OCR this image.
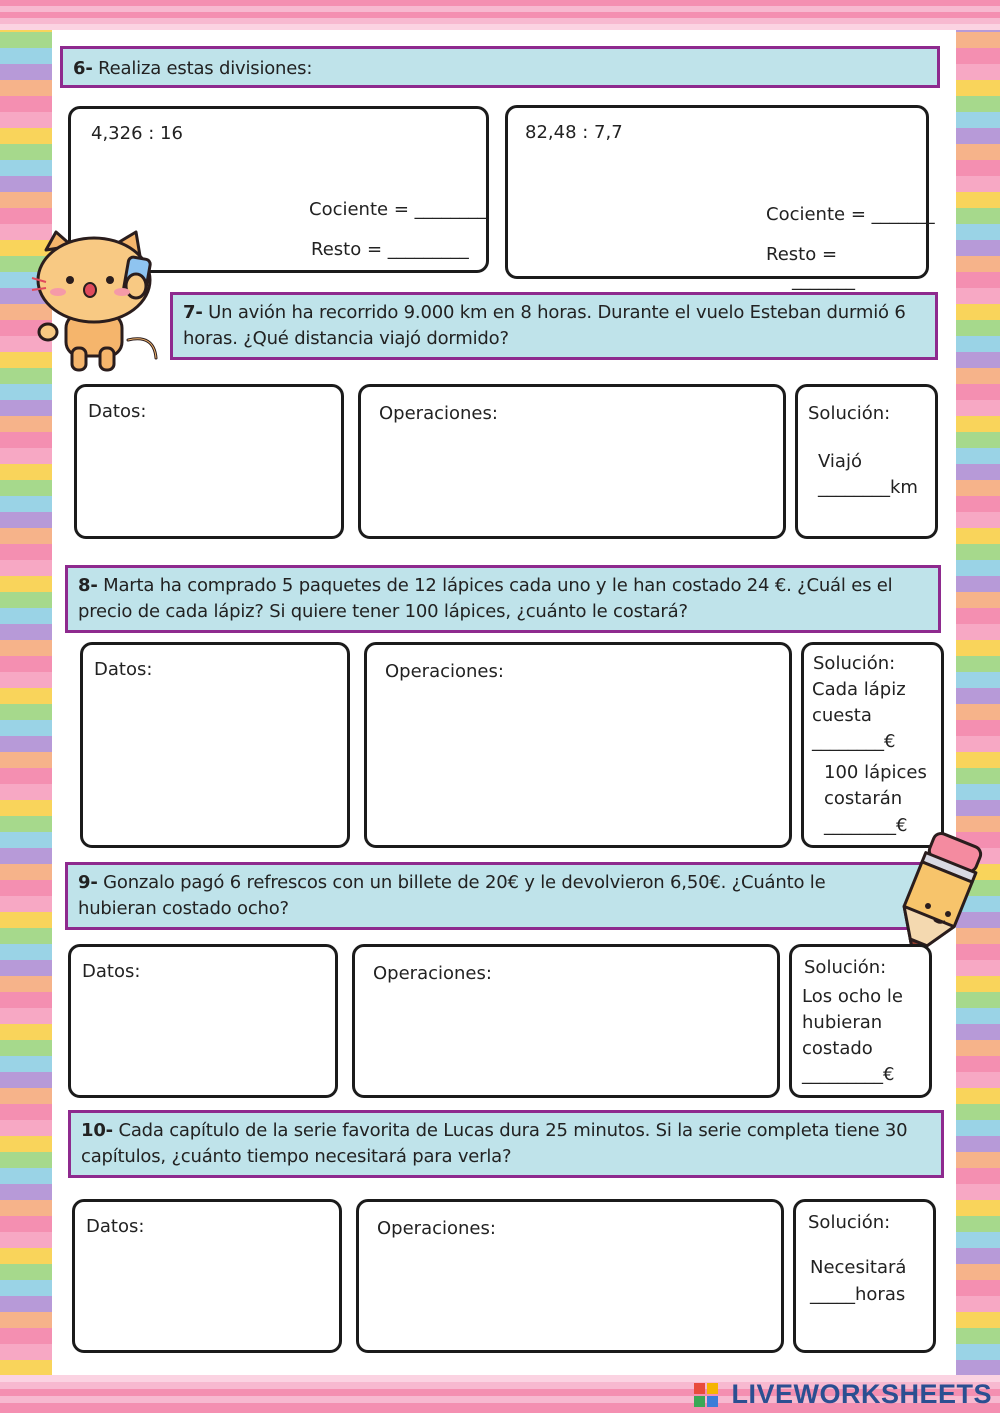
6- Realiza estas divisiones:
4,326 : 16
Cociente = ________
Resto = _________
82,48 : 7,7
Cociente = _______
Resto =
_______
7- Un avión ha recorrido 9.000 km en 8 horas. Durante el vuelo Esteban durmió 6
horas. ¿Qué distancia viajó dormido?
Datos:	Operaciones:	Solución:
Viajó
________km
8- Marta ha comprado 5 paquetes de 12 lápices cada uno y le han costado 24 €. ¿Cuál es el
precio de cada lápiz? Si quiere tener 100 lápices, ¿cuánto le costará?
Datos:	Operaciones:	Solución:
Cada lápiz
cuesta
________€
100 lápices
costarán
________€
9- Gonzalo pagó 6 refrescos con un billete de 20€ y le devolvieron 6,50€. ¿Cuánto le
hubieran costado ocho?
Datos:	Operaciones:	Solución:
Los ocho le
hubieran
costado
_________€
10- Cada capítulo de la serie favorita de Lucas dura 25 minutos. Si la serie completa tiene 30
capítulos, ¿cuánto tiempo necesitará para verla?
Datos:	Operaciones:	Solución:
Necesitará
_____horas
LIVEWORKSHEETS
